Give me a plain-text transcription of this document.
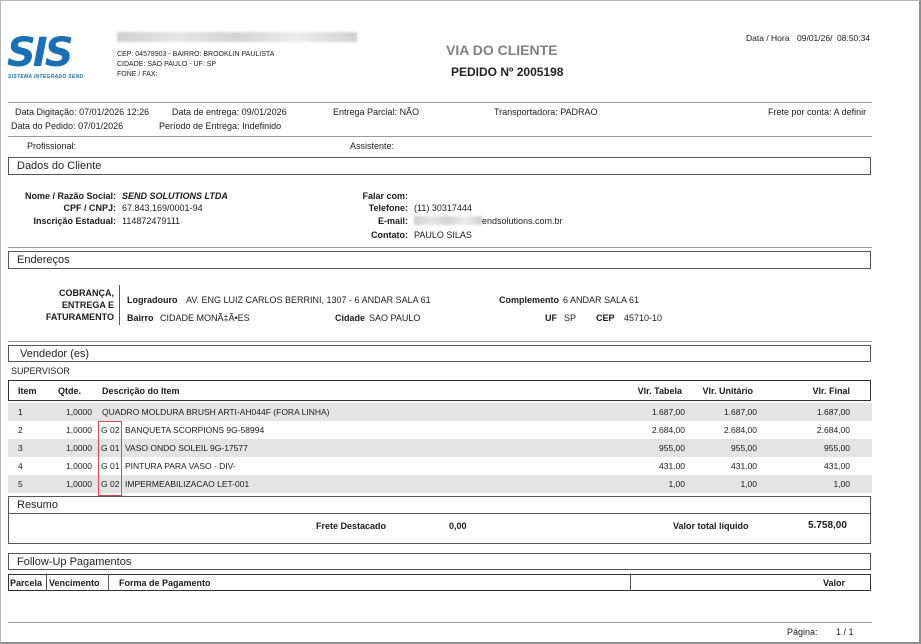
SIS
SISTEMA INTEGRADO SEND
CEP: 04578903 - BAIRRO: BROOKLIN PAULISTA
CIDADE: SAO PAULO - UF: SP
FONE / FAX:
VIA DO CLIENTE
PEDIDO Nº 2005198
Data / Hora 09/01/26/ 08:50:34
Data Digitação: 07/01/2026 12:26	Data de entrega: 09/01/2026	Entrega Parcial: NÃO	Transportadora: PADRAO	Frete por conta: A definir
Data do Pedido: 07/01/2026	Período de Entrega: Indefinido
Profissional:	Assistente:
Dados do Cliente
Nome / Razão Social: SEND SOLUTIONS LTDA
CPF / CNPJ: 67.843.169/0001-94
Inscrição Estadual: 114872479111
Falar com:
Telefone: (11) 30317444
E-mail:	endsolutions.com.br
Contato: PAULO SILAS
Endereços
COBRANÇA,
ENTREGA E
FATURAMENTO
Logradouro AV. ENG LUIZ CARLOS BERRINI, 1307 - 6 ANDAR SALA 61	Complemento 6 ANDAR SALA 61
Bairro CIDADE MONÃ‡Ã•ES	Cidade SAO PAULO	UF SP CEP 45710-10
Vendedor (es)
SUPERVISOR
Item Qtde. Descrição do Item	Vlr. Tabela	Vlr. Unitário	Vlr. Final
1	1,0000 QUADRO MOLDURA BRUSH ARTI-AH044F (FORA LINHA)	1.687,00	1.687,00	1.687,00
2	1,0000 G 02 BANQUETA SCORPIONS 9G-58994	2.684,00	2.684,00	2.684,00
3	1,0000 G 01 VASO ONDO SOLEIL 9G-17577	955,00	955,00	955,00
4	1,0000 G 01 PINTURA PARA VASO - DIV-	431,00	431,00	431,00
5	1,0000 G 02 IMPERMEABILIZACAO LET-001	1,00	1,00	1,00
Resumo
Frete Destacado	0,00	Valor total líquido	5.758,00
Follow-Up Pagamentos
Parcela Vencimento Forma de Pagamento	Valor
Página: 1 / 1
